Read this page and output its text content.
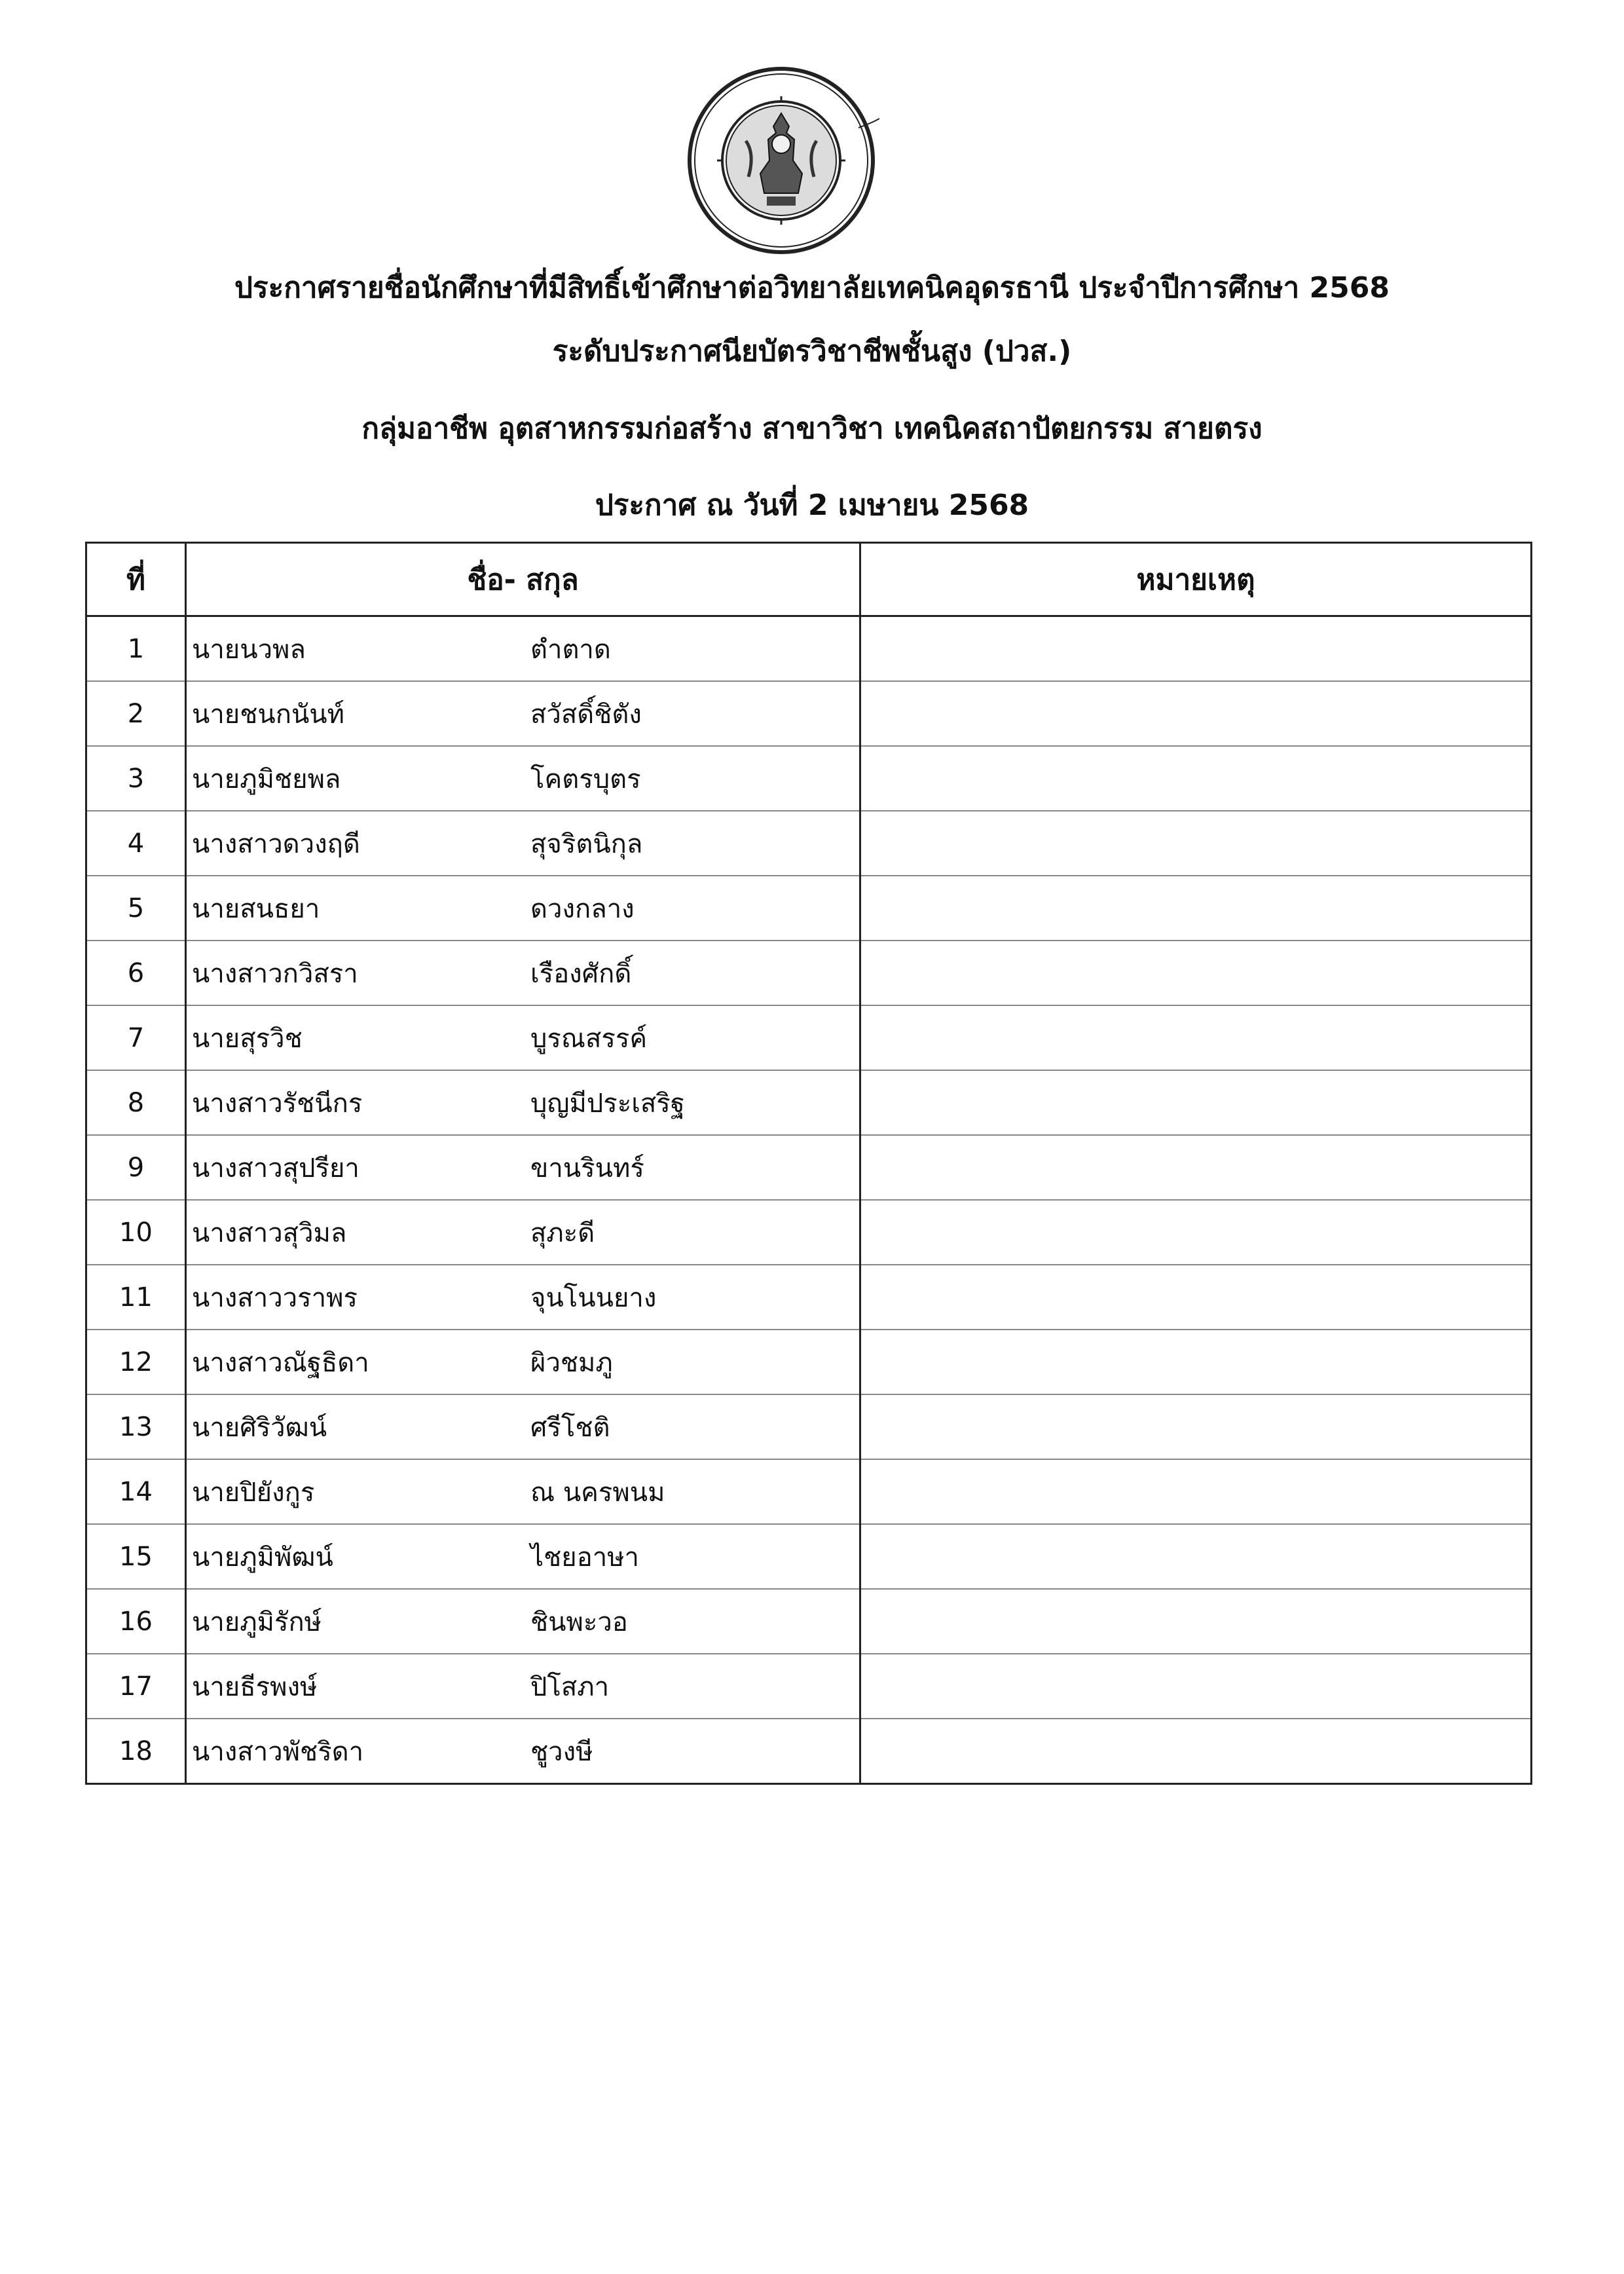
ประกาศรายชื่อนักศึกษาที่มีสิทธิ์เข้าศึกษาต่อวิทยาลัยเทคนิคอุดรธานี ประจำปีการศึกษา 2568
ระดับประกาศนียบัตรวิชาชีพชั้นสูง (ปวส.)
กลุ่มอาชีพ อุตสาหกรรมก่อสร้าง สาขาวิชา เทคนิคสถาปัตยกรรม สายตรง
ประกาศ ณ วันที่ 2 เมษายน 2568
ที่	ชื่อ- สกุล	หมายเหตุ
1	นายนวพล ตำตาด	

2	นายชนกนันท์ สวัสดิ์ชิตัง	

3	นายภูมิชยพล โคตรบุตร	

4	นางสาวดวงฤดี สุจริตนิกุล	

5	นายสนธยา ดวงกลาง	

6	นางสาวกวิสรา เรืองศักดิ์	

7	นายสุรวิช บูรณสรรค์	

8	นางสาวรัชนีกร บุญมีประเสริฐ	

9	นางสาวสุปรียา ขานรินทร์	

10	นางสาวสุวิมล สุภะดี	

11	นางสาววราพร จุนโนนยาง	

12	นางสาวณัฐธิดา ผิวชมภู	

13	นายศิริวัฒน์ ศรีโชติ	

14	นายปิยังกูร ณ นครพนม	

15	นายภูมิพัฒน์ ไชยอาษา	

16	นายภูมิรักษ์ ชินพะวอ	

17	นายธีรพงษ์ ปิโสภา	

18	นางสาวพัชริดา ชูวงษี	
